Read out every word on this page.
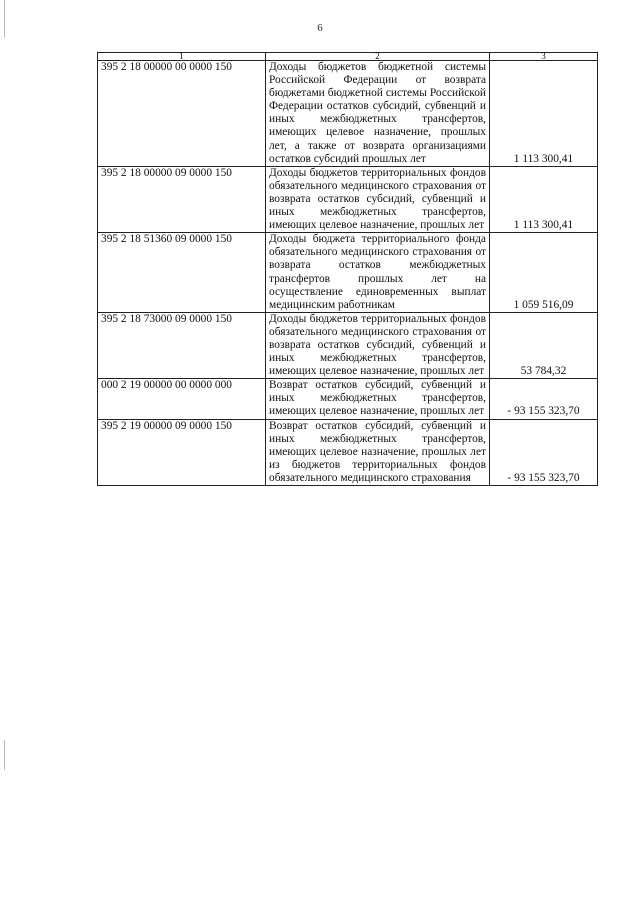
6
1	2	3
395 2 18 00000 00 0000 150	Доходы бюджетов бюджетной системы Российской Федерации от возврата бюджетами бюджетной системы Российской Федерации остатков субсидий, субвенций и иных межбюджетных трансфертов, имеющих целевое назначение, прошлых лет, а также от возврата организациями остатков субсидий прошлых лет	1 113 300,41
395 2 18 00000 09 0000 150	Доходы бюджетов территориальных фондов обязательного медицинского страхования от возврата остатков субсидий, субвенций и иных межбюджетных трансфертов, имеющих целевое назначение, прошлых лет	1 113 300,41
395 2 18 51360 09 0000 150	Доходы бюджета территориального фонда обязательного медицинского страхования от возврата остатков межбюджетных трансфертов прошлых лет на осуществление единовременных выплат медицинским работникам	1 059 516,09
395 2 18 73000 09 0000 150	Доходы бюджетов территориальных фондов обязательного медицинского страхования от возврата остатков субсидий, субвенций и иных межбюджетных трансфертов, имеющих целевое назначение, прошлых лет	53 784,32
000 2 19 00000 00 0000 000	Возврат остатков субсидий, субвенций и иных межбюджетных трансфертов, имеющих целевое назначение, прошлых лет	- 93 155 323,70
395 2 19 00000 09 0000 150	Возврат остатков субсидий, субвенций и иных межбюджетных трансфертов, имеющих целевое назначение, прошлых лет из бюджетов территориальных фондов обязательного медицинского страхования	- 93 155 323,70
